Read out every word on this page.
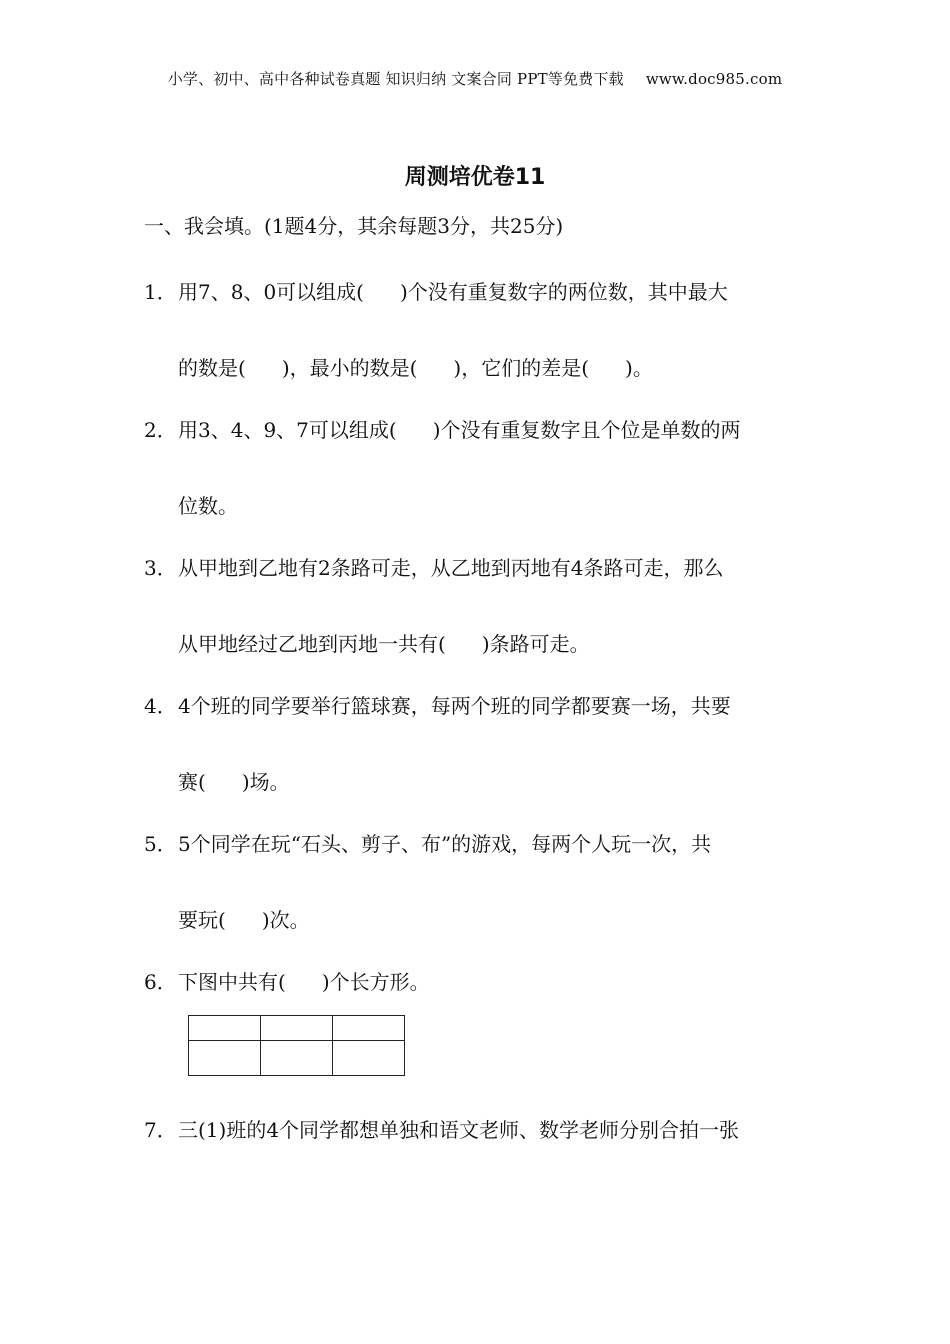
小学、初中、高中各种试卷真题 知识归纳 文案合同 PPT等免费下载 www.doc985.com
周测培优卷11
一、我会填。(1题4分，其余每题3分，共25分)
1．用7、8、0可以组成( )个没有重复数字的两位数，其中最大
的数是( )，最小的数是( )，它们的差是( )。
2．用3、4、9、7可以组成( )个没有重复数字且个位是单数的两
位数。
3．从甲地到乙地有2条路可走，从乙地到丙地有4条路可走，那么
从甲地经过乙地到丙地一共有( )条路可走。
4．4个班的同学要举行篮球赛，每两个班的同学都要赛一场，共要
赛( )场。
5．5个同学在玩“石头、剪子、布”的游戏，每两个人玩一次，共
要玩( )次。
6．下图中共有( )个长方形。

7．三(1)班的4个同学都想单独和语文老师、数学老师分别合拍一张
